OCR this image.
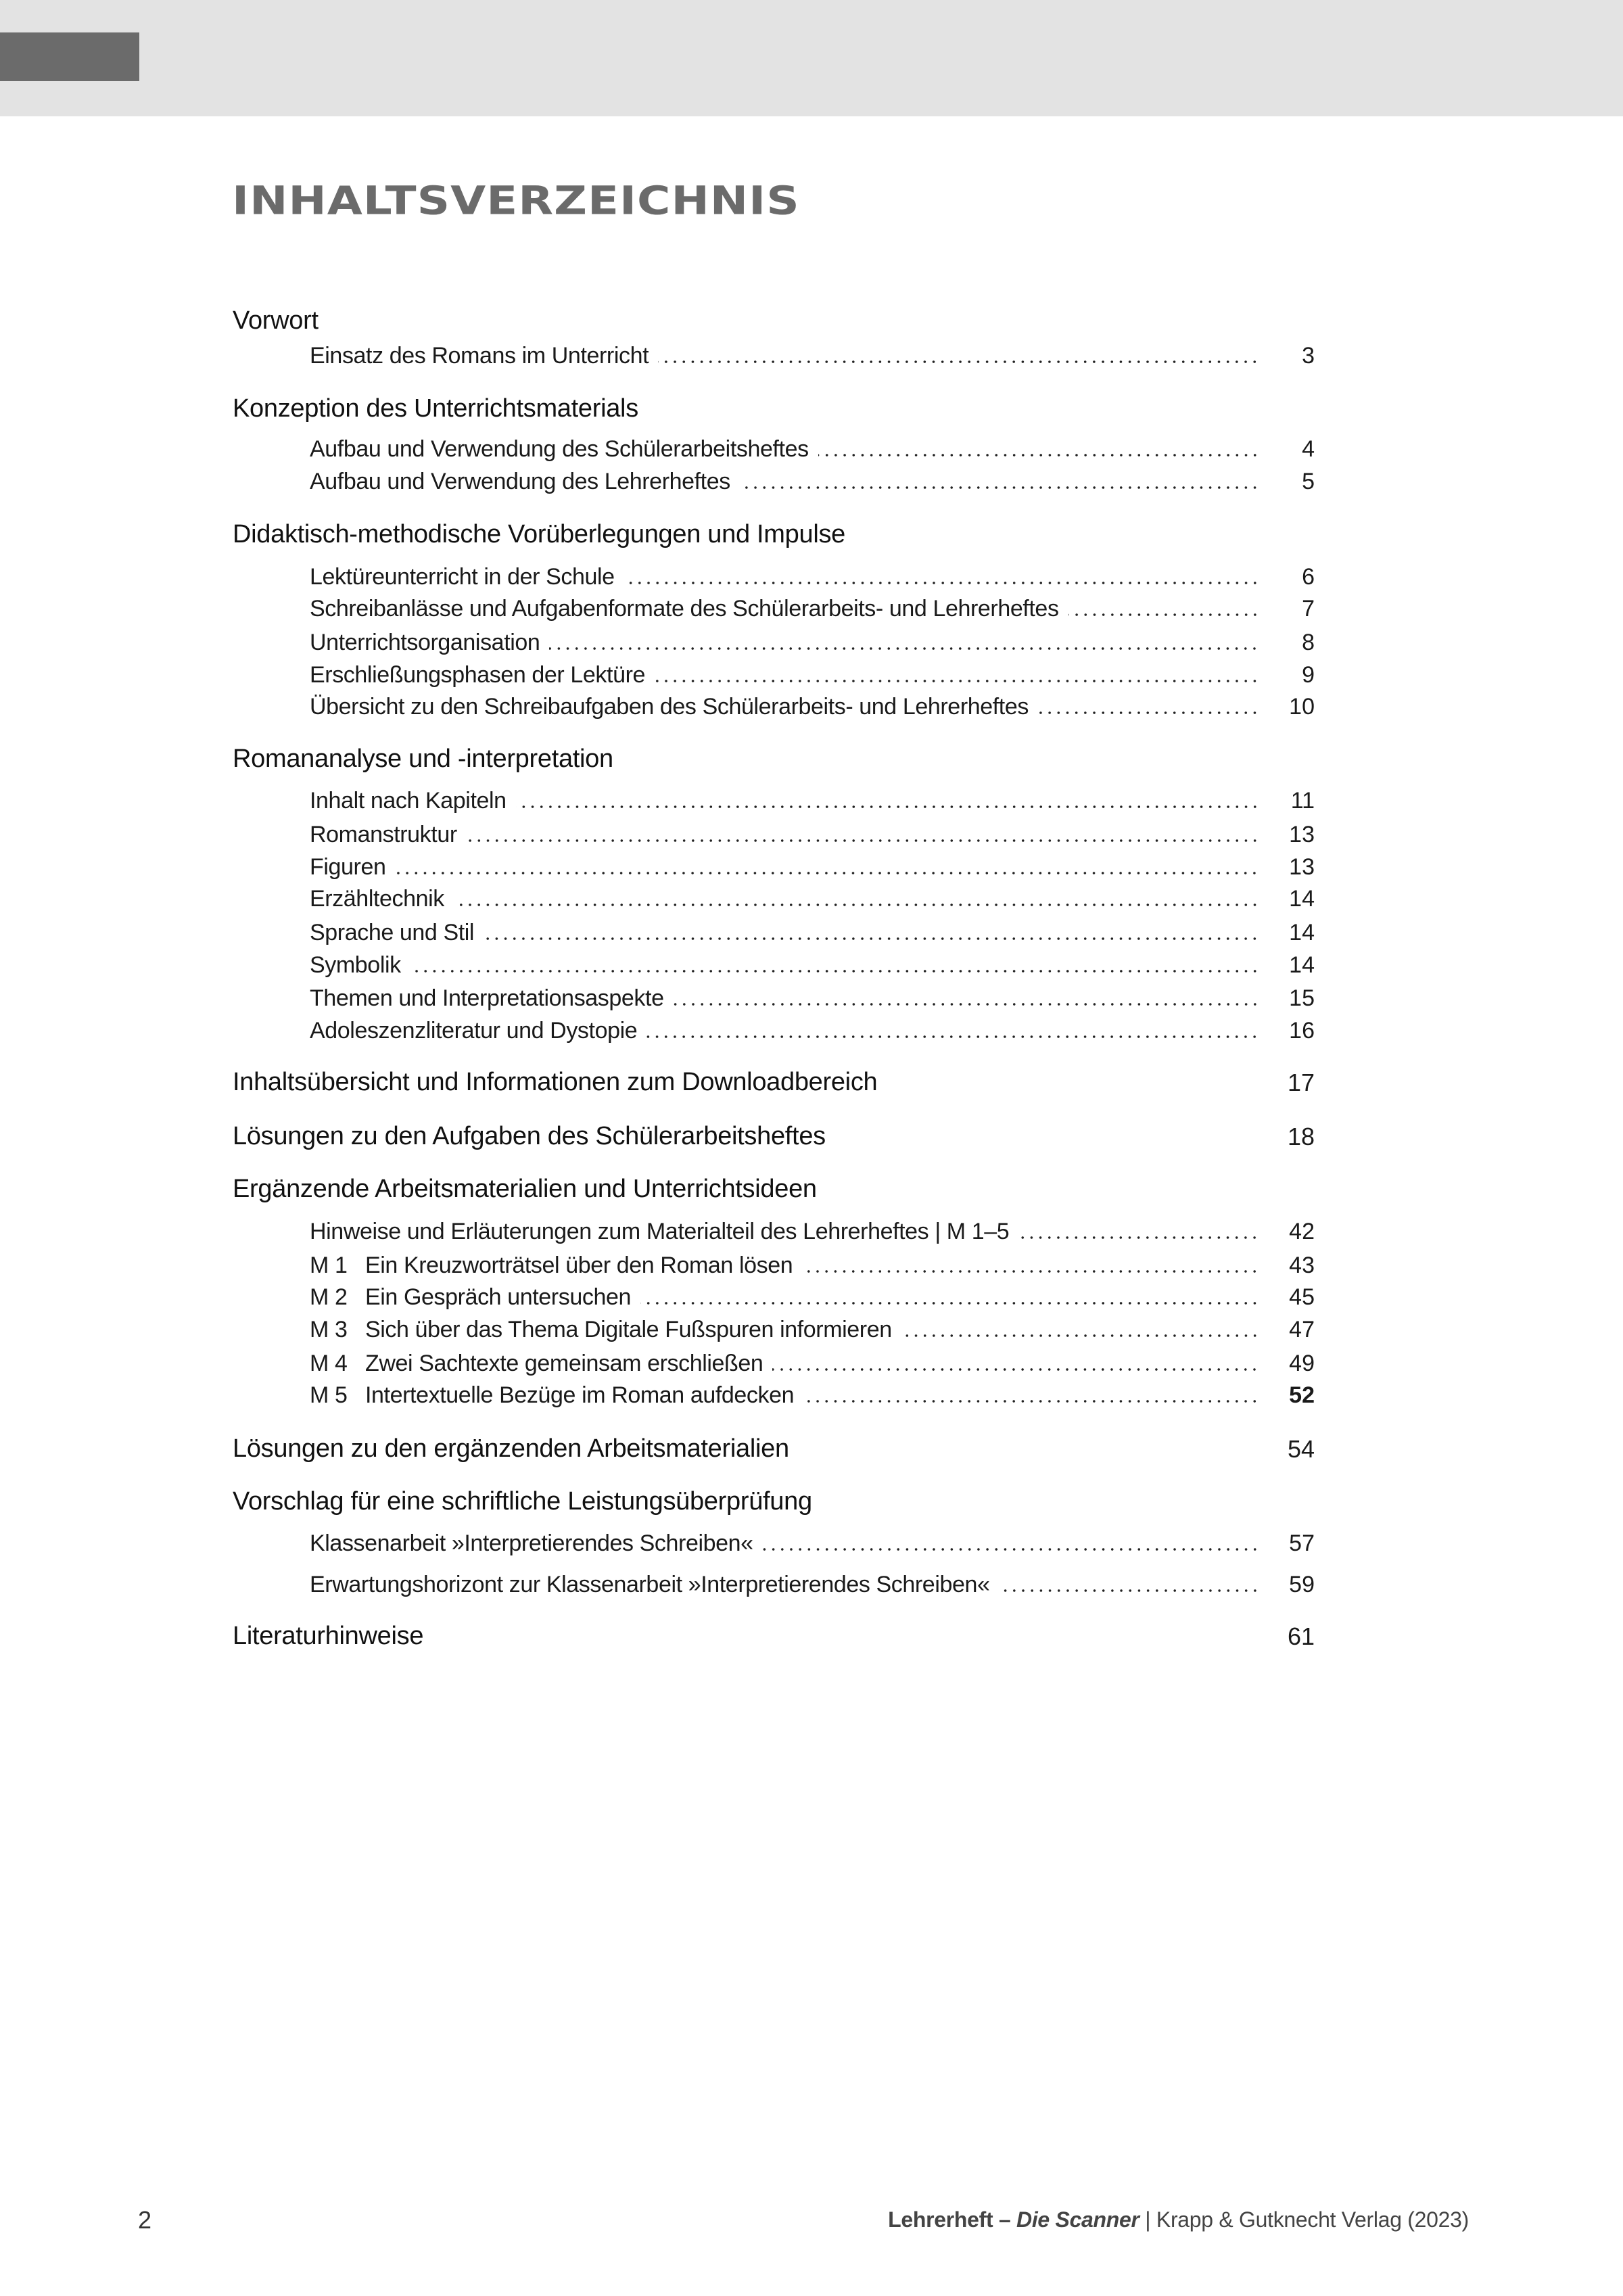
INHALTSVERZEICHNIS
Vorwort
Einsatz des Romans im Unterricht	3
Konzeption des Unterrichtsmaterials
Aufbau und Verwendung des Schülerarbeitsheftes	4
Aufbau und Verwendung des Lehrerheftes	5
Didaktisch-methodische Vorüberlegungen und Impulse
Lektüreunterricht in der Schule	6
Schreibanlässe und Aufgabenformate des Schülerarbeits- und Lehrerheftes	7
Unterrichtsorganisation	8
Erschließungsphasen der Lektüre	9
Übersicht zu den Schreibaufgaben des Schülerarbeits- und Lehrerheftes	10
Romananalyse und -interpretation
Inhalt nach Kapiteln	11
Romanstruktur	13
Figuren	13
Erzähltechnik	14
Sprache und Stil	14
Symbolik	14
Themen und Interpretationsaspekte	15
Adoleszenzliteratur und Dystopie	16
Inhaltsübersicht und Informationen zum Downloadbereich	17
Lösungen zu den Aufgaben des Schülerarbeitsheftes	18
Ergänzende Arbeitsmaterialien und Unterrichtsideen
Hinweise und Erläuterungen zum Materialteil des Lehrerheftes | M 1–5	42
M 1 Ein Kreuzworträtsel über den Roman lösen	43
M 2 Ein Gespräch untersuchen	45
M 3 Sich über das Thema Digitale Fußspuren informieren	47
M 4 Zwei Sachtexte gemeinsam erschließen	49
M 5 Intertextuelle Bezüge im Roman aufdecken	52
Lösungen zu den ergänzenden Arbeitsmaterialien	54
Vorschlag für eine schriftliche Leistungsüberprüfung
Klassenarbeit »Interpretierendes Schreiben«	57
Erwartungshorizont zur Klassenarbeit »Interpretierendes Schreiben«	59
Literaturhinweise	61
2	Lehrerheft – Die Scanner | Krapp & Gutknecht Verlag (2023)
